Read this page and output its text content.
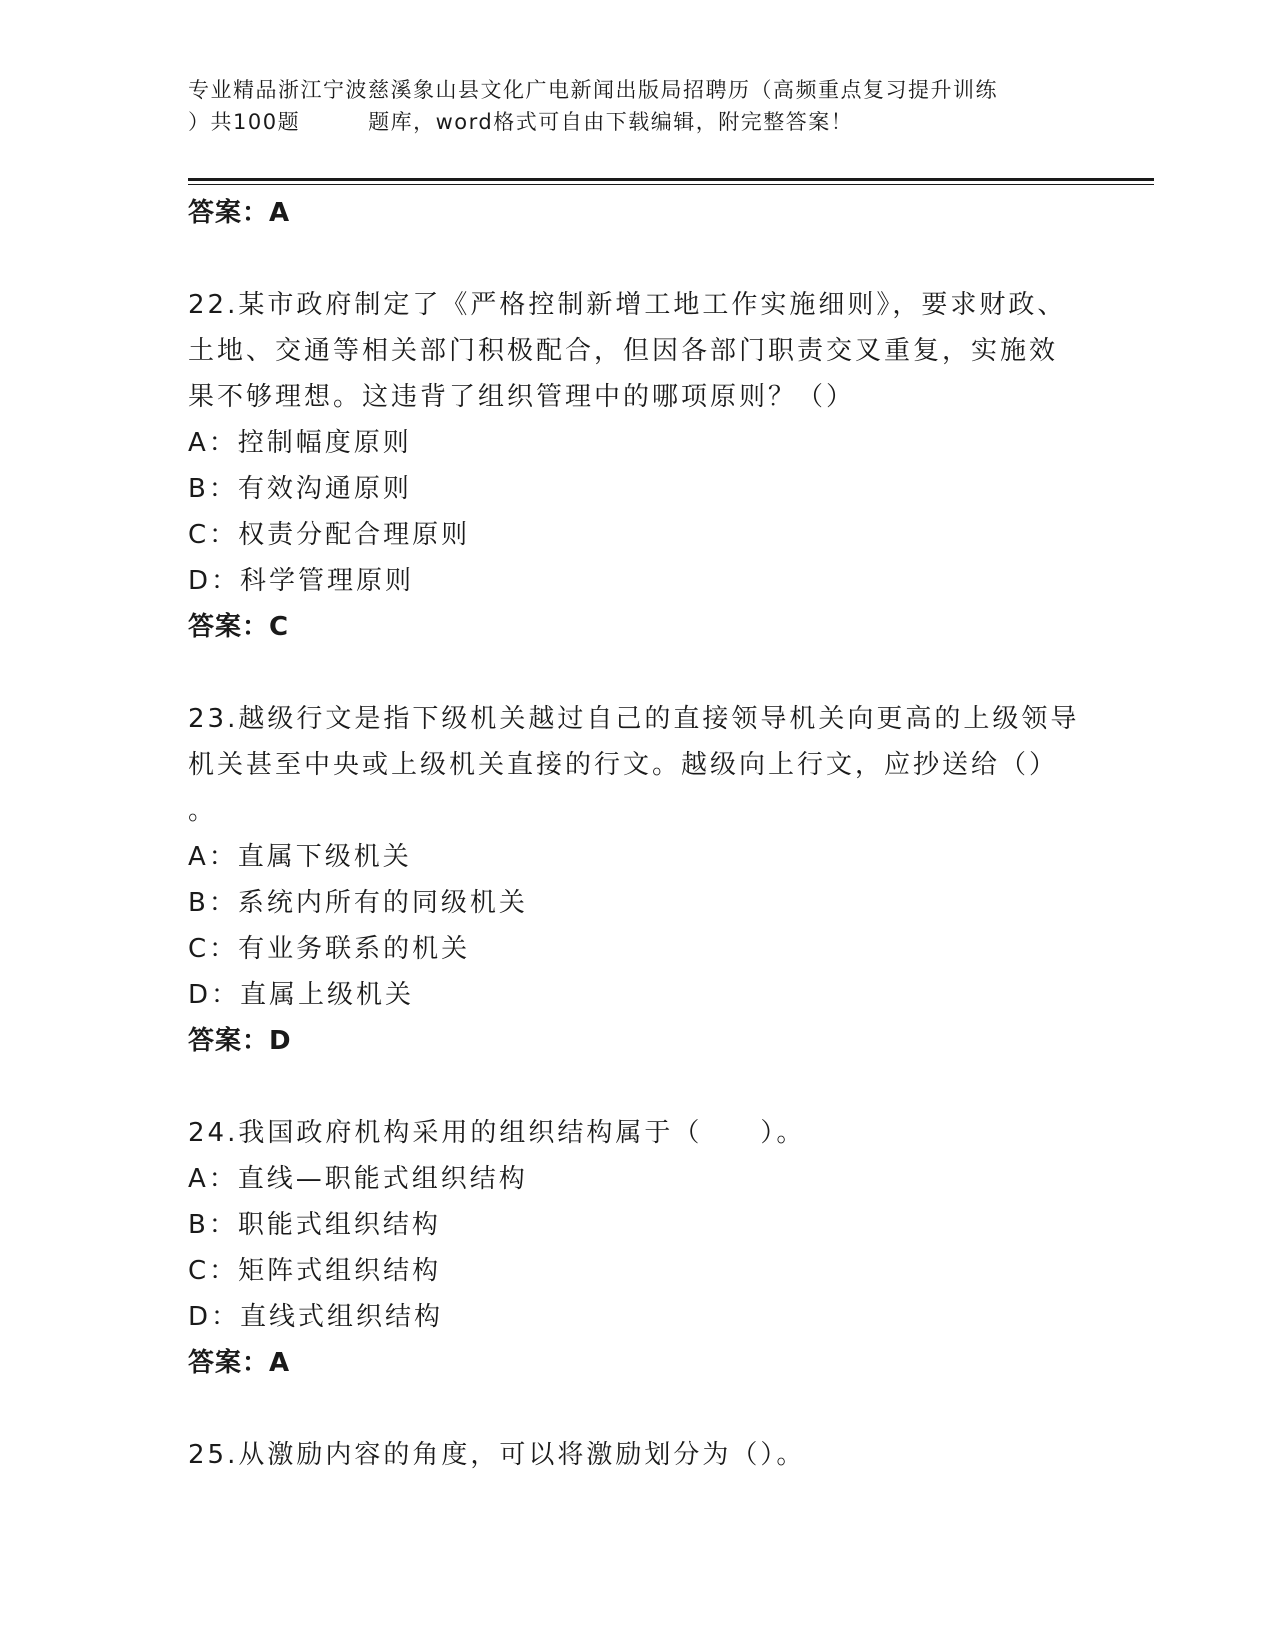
专业精品浙江宁波慈溪象山县文化广电新闻出版局招聘历（高频重点复习提升训练
）共100题	题库，word格式可自由下载编辑，附完整答案！
答案：A
22.某市政府制定了《严格控制新增工地工作实施细则》，要求财政、
土地、交通等相关部门积极配合，但因各部门职责交叉重复，实施效
果不够理想。这违背了组织管理中的哪项原则？（）
A：控制幅度原则
B：有效沟通原则
C：权责分配合理原则
D：科学管理原则
答案：C
23.越级行文是指下级机关越过自己的直接领导机关向更高的上级领导
机关甚至中央或上级机关直接的行文。越级向上行文，应抄送给（）
。
A：直属下级机关
B：系统内所有的同级机关
C：有业务联系的机关
D：直属上级机关
答案：D
24.我国政府机构采用的组织结构属于（　　）。
A：直线—职能式组织结构
B：职能式组织结构
C：矩阵式组织结构
D：直线式组织结构
答案：A
25.从激励内容的角度，可以将激励划分为（）。
